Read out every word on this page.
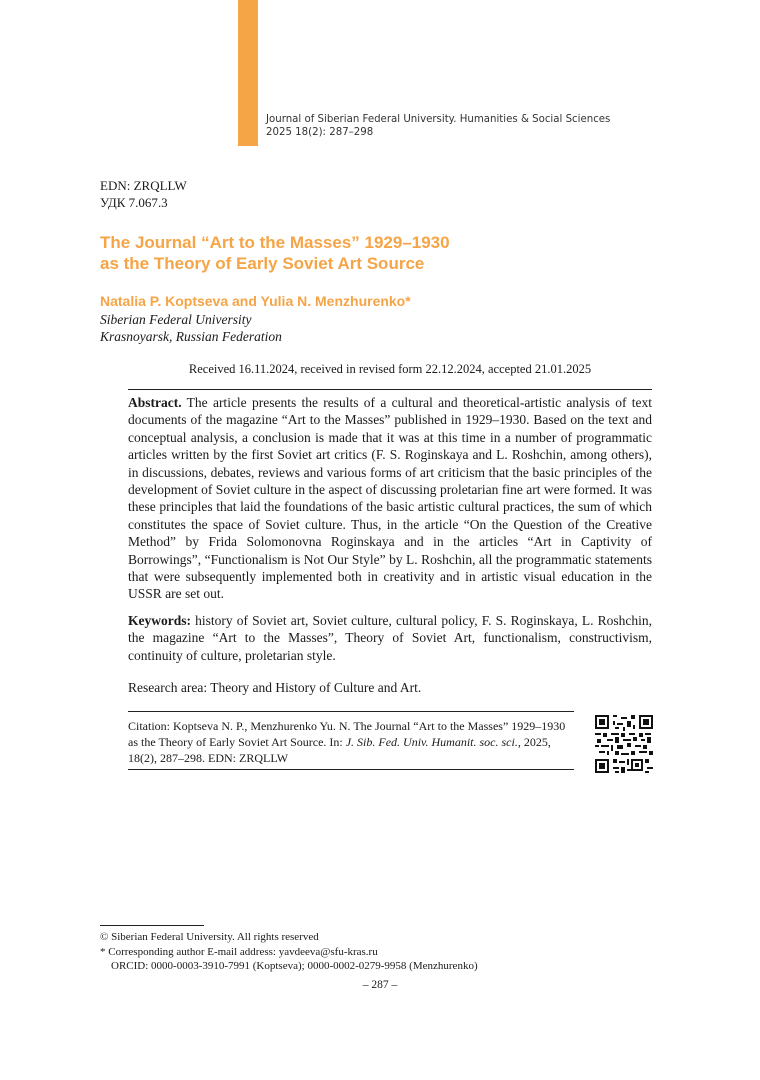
Journal of Siberian Federal University. Humanities & Social Sciences
2025 18(2): 287–298
EDN: ZRQLLW
УДК 7.067.3
The Journal “Art to the Masses” 1929–1930
as the Theory of Early Soviet Art Source
Natalia P. Koptseva and Yulia N. Menzhurenko*
Siberian Federal University
Krasnoyarsk, Russian Federation
Received 16.11.2024, received in revised form 22.12.2024, accepted 21.01.2025

Abstract. The article presents the results of a cultural and theoretical-artistic analysis of text documents of the magazine “Art to the Masses” published in 1929–1930. Based on the text and conceptual analysis, a conclusion is made that it was at this time in a number of programmatic articles written by the first Soviet art critics (F. S. Roginskaya and L. Roshchin, among others), in discussions, debates, reviews and various forms of art criticism that the basic principles of the development of Soviet culture in the aspect of discussing proletarian fine art were formed. It was these principles that laid the foundations of the basic artistic cultural practices, the sum of which constitutes the space of Soviet culture. Thus, in the article “On the Question of the Creative Method” by Frida Solomonovna Roginskaya and in the articles “Art in Captivity of Borrowings”, “Functionalism is Not Our Style” by L. Roshchin, all the programmatic statements that were subsequently implemented both in creativity and in artistic visual education in the USSR are set out.

Keywords: history of Soviet art, Soviet culture, cultural policy, F. S. Roginskaya, L. Roshchin, the magazine “Art to the Masses”, Theory of Soviet Art, functionalism, constructivism, continuity of culture, proletarian style.

Research area: Theory and History of Culture and Art.

Citation: Koptseva N. P., Menzhurenko Yu. N. The Journal “Art to the Masses” 1929–1930 as the Theory of Early Soviet Art Source. In: J. Sib. Fed. Univ. Humanit. soc. sci., 2025, 18(2), 287–298. EDN: ZRQLLW

© Siberian Federal University. All rights reserved
* Corresponding author E-mail address: yavdeeva@sfu-kras.ru
ORCID: 0000-0003-3910-7991 (Koptseva); 0000-0002-0279-9958 (Menzhurenko)
– 287 –
